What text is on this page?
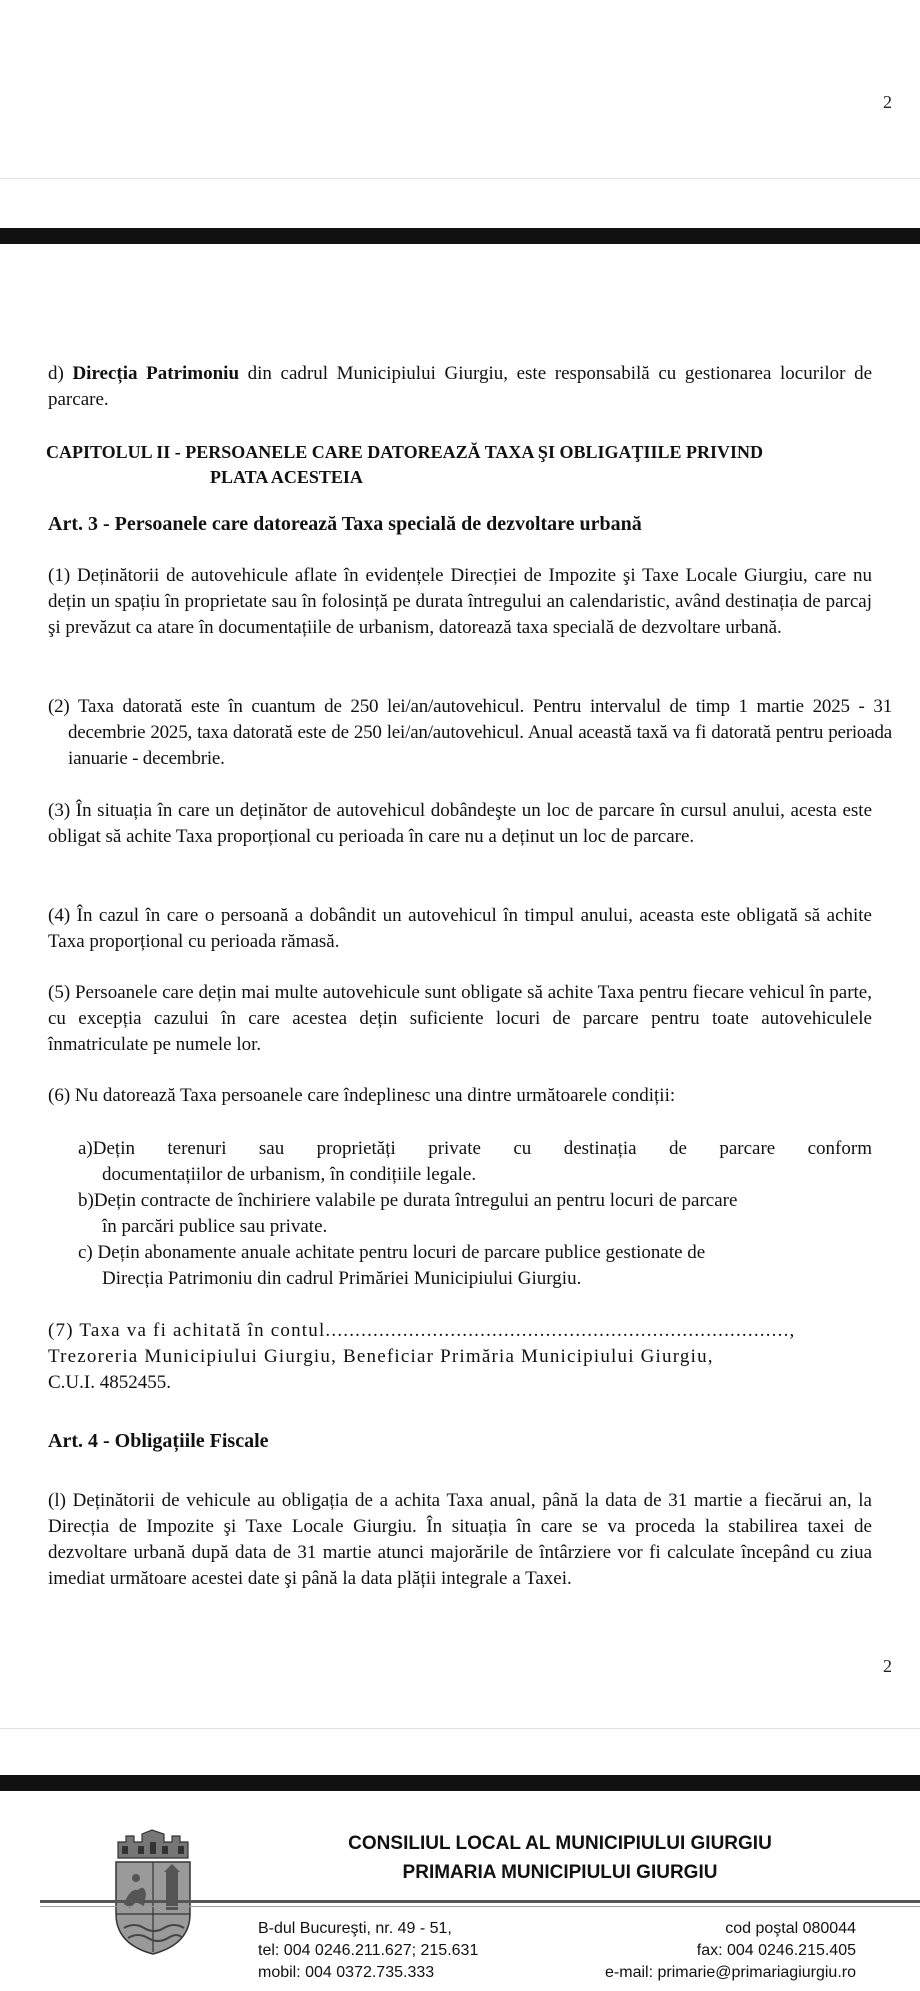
2

d) Direcția Patrimoniu din cadrul Municipiului Giurgiu, este responsabilă cu gestionarea locurilor de parcare.

CAPITOLUL II - PERSOANELE CARE DATOREAZĂ TAXA ŞI OBLIGAŢIILE PRIVIND
PLATA ACESTEIA
Art. 3 - Persoanele care datorează Taxa specială de dezvoltare urbană

(1) Deținătorii de autovehicule aflate în evidențele Direcției de Impozite şi Taxe Locale Giurgiu, care nu dețin un spațiu în proprietate sau în folosință pe durata întregului an calendaristic, având destinația de parcaj şi prevăzut ca atare în documentațiile de urbanism, datorează taxa specială de dezvoltare urbană.

(2) Taxa datorată este în cuantum de 250 lei/an/autovehicul. Pentru intervalul de timp 1 martie 2025 - 31 decembrie 2025, taxa datorată este de 250 lei/an/autovehicul. Anual această taxă va fi datorată pentru perioada ianuarie - decembrie.

(3) În situația în care un deținător de autovehicul dobândeşte un loc de parcare în cursul anului, acesta este obligat să achite Taxa proporțional cu perioada în care nu a deținut un loc de parcare.

(4) În cazul în care o persoană a dobândit un autovehicul în timpul anului, aceasta este obligată să achite Taxa proporțional cu perioada rămasă.

(5) Persoanele care dețin mai multe autovehicule sunt obligate să achite Taxa pentru fiecare vehicul în parte, cu excepția cazului în care acestea dețin suficiente locuri de parcare pentru toate autovehiculele înmatriculate pe numele lor.

(6) Nu datorează Taxa persoanele care îndeplinesc una dintre următoarele condiții:

a)Dețin terenuri sau proprietăți private cu destinația de parcare conform
documentațiilor de urbanism, în condițiile legale.
b)Dețin contracte de închiriere valabile pe durata întregului an pentru locuri de parcare
în parcări publice sau private.
c) Dețin abonamente anuale achitate pentru locuri de parcare publice gestionate de
Direcția Patrimoniu din cadrul Primăriei Municipiului Giurgiu.
(7) Taxa va fi achitată în contul..............................................................................,
Trezoreria Municipiului Giurgiu, Beneficiar Primăria Municipiului Giurgiu,
C.U.I. 4852455.
Art. 4 - Obligațiile Fiscale

(l) Deținătorii de vehicule au obligația de a achita Taxa anual, până la data de 31 martie a fiecărui an, la Direcția de Impozite şi Taxe Locale Giurgiu. În situația în care se va proceda la stabilirea taxei de dezvoltare urbană după data de 31 martie atunci majorările de întârziere vor fi calculate începând cu ziua imediat următoare acestei date şi până la data plății integrale a Taxei.

2
CONSILIUL LOCAL AL MUNICIPIULUI GIURGIU
PRIMARIA MUNICIPIULUI GIURGIU
B-dul Bucureşti, nr. 49 - 51,
tel: 004 0246.211.627; 215.631
mobil: 004 0372.735.333
cod poştal 080044
fax: 004 0246.215.405
e-mail: primarie@primariagiurgiu.ro
